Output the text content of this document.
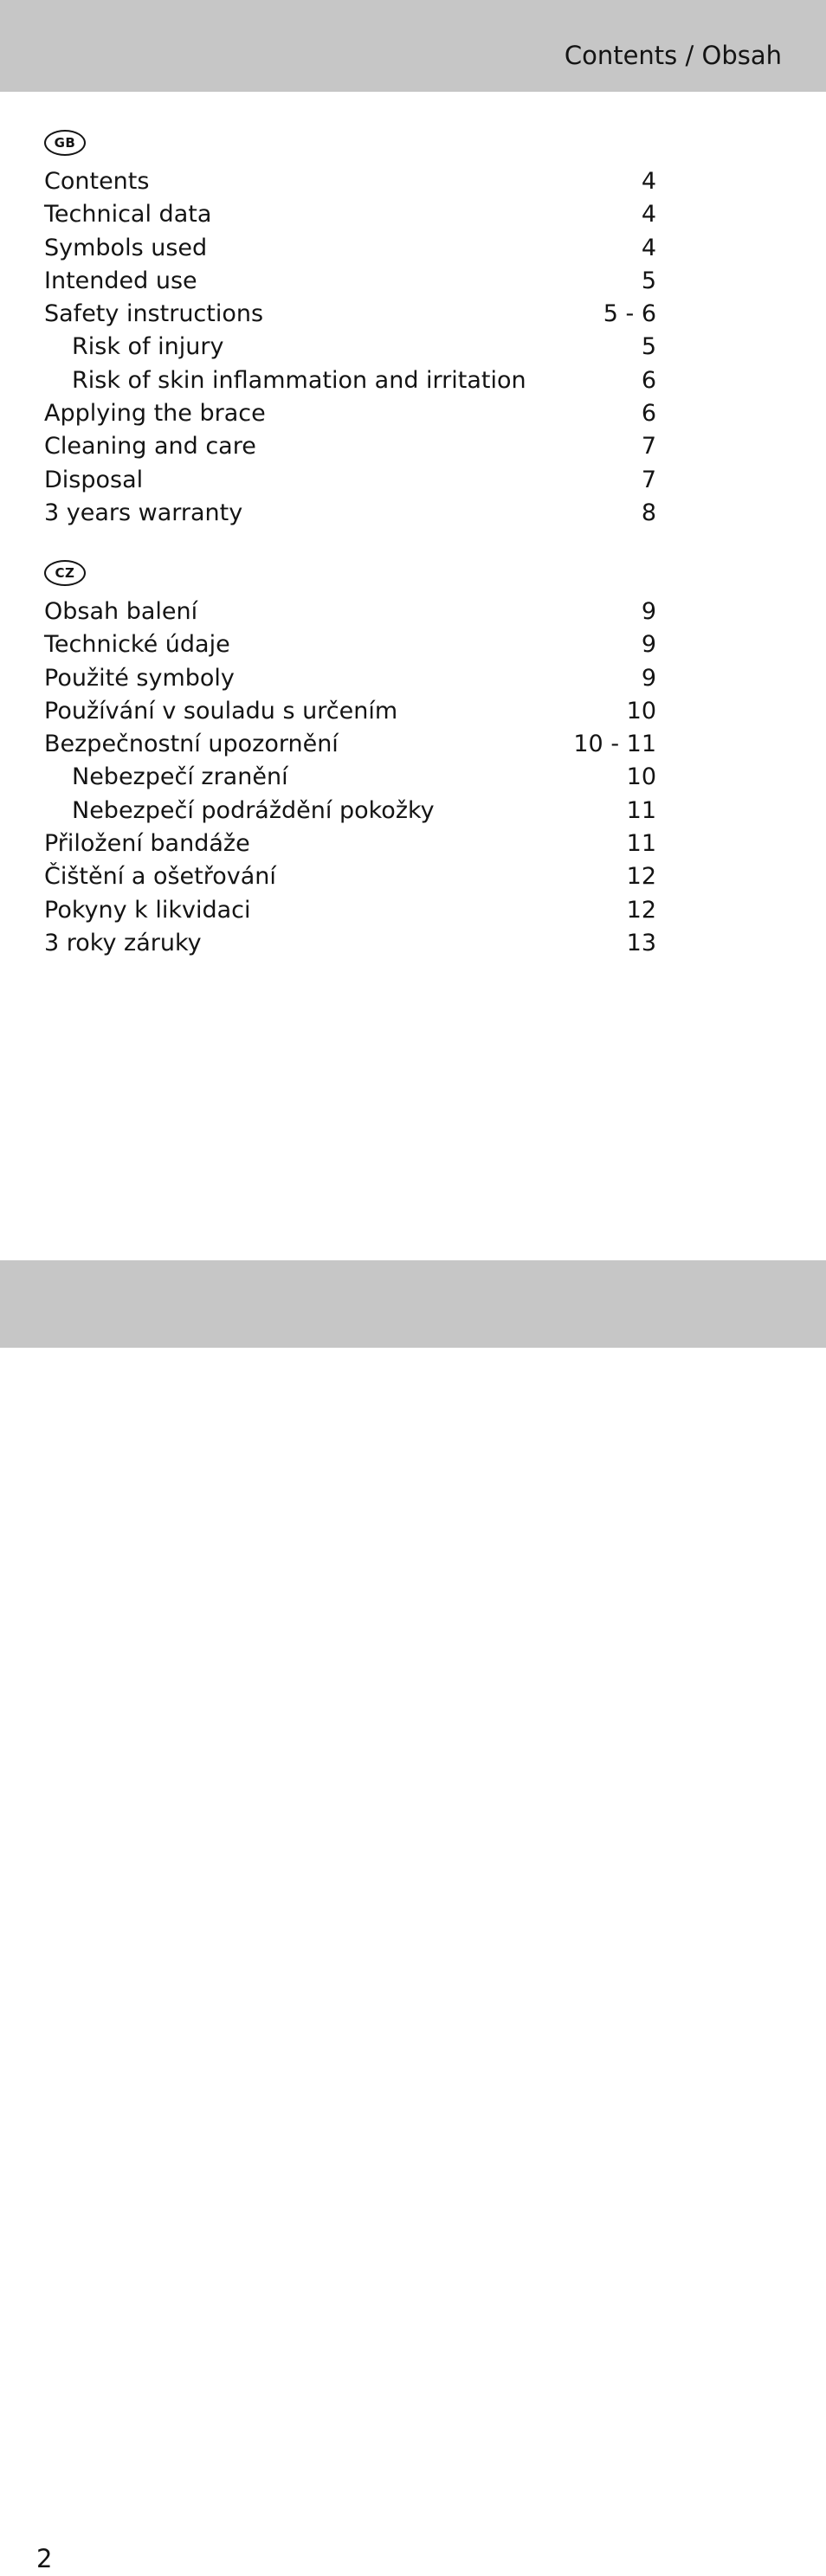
Contents / Obsah
GB
Contents	4
Technical data	4
Symbols used	4
Intended use	5
Safety instructions	5 - 6
Risk of injury	5
Risk of skin inflammation and irritation	6
Applying the brace	6
Cleaning and care	7
Disposal	7
3 years warranty	8
CZ
Obsah balení	9
Technické údaje	9
Použité symboly	9
Používání v souladu s určením	10
Bezpečnostní upozornění	10 - 11
Nebezpečí zranění	10
Nebezpečí podráždění pokožky	11
Přiložení bandáže	11
Čištění a ošetřování	12
Pokyny k likvidaci	12
3 roky záruky	13
2
